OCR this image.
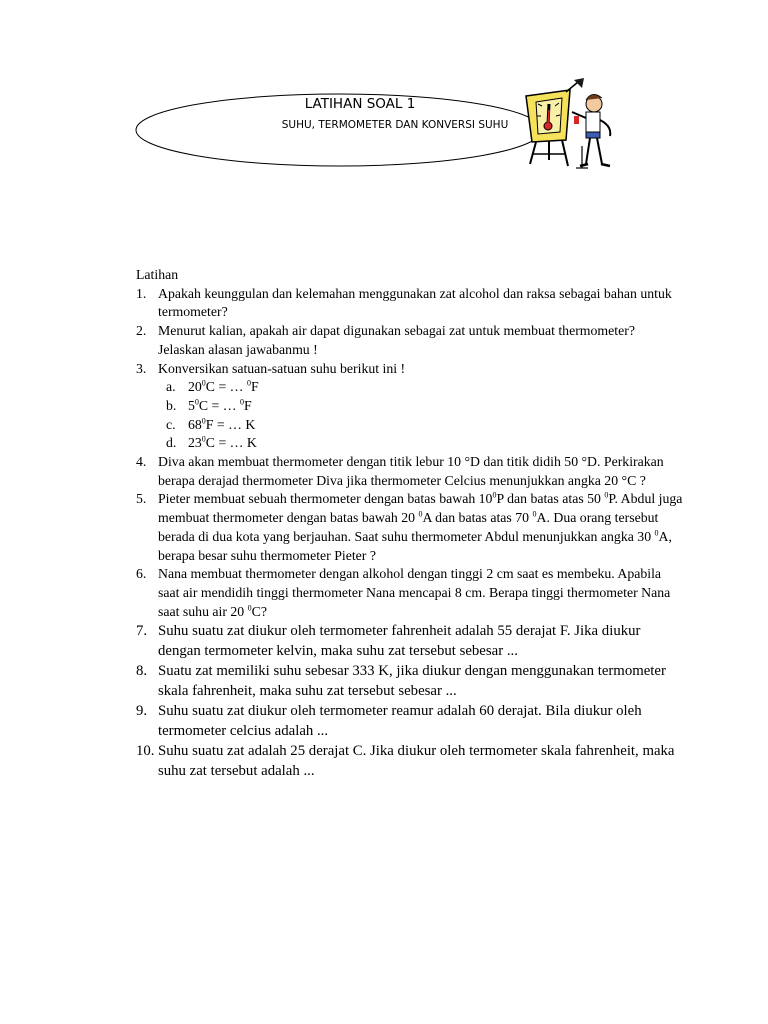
LATIHAN SOAL 1
SUHU, TERMOMETER DAN KONVERSI SUHU

Latihan

1. Apakah keunggulan dan kelemahan menggunakan zat alcohol dan raksa sebagai bahan untuk termometer?
2. Menurut kalian, apakah air dapat digunakan sebagai zat untuk membuat thermometer? Jelaskan alasan jawabanmu !
3. Konversikan satuan-satuan suhu berikut ini !
a. $20^0C$ = … $^0$F
b. $5^0C$ = … $^0$F
c. $68^0F$ = … K
d. $23^0C$ = … K
4. Diva akan membuat thermometer dengan titik lebur 10 °D dan titik didih 50 °D. Perkirakan berapa derajad thermometer Diva jika thermometer Celcius menunjukkan angka 20 °C ?
5. Pieter membuat sebuah thermometer dengan batas bawah $10^0P$ dan batas atas 50 $^0$P. Abdul juga membuat thermometer dengan batas bawah 20 $^0$A dan batas atas 70 $^0$A. Dua orang tersebut berada di dua kota yang berjauhan. Saat suhu thermometer Abdul menunjukkan angka 30 $^0$A, berapa besar suhu thermometer Pieter ?
6. Nana membuat thermometer dengan alkohol dengan tinggi 2 cm saat es membeku. Apabila saat air mendidih tinggi thermometer Nana mencapai 8 cm. Berapa tinggi thermometer Nana saat suhu air 20 $^0$C?
7. Suhu suatu zat diukur oleh termometer fahrenheit adalah 55 derajat F. Jika diukur dengan termometer kelvin, maka suhu zat tersebut sebesar ...
8. Suatu zat memiliki suhu sebesar 333 K, jika diukur dengan menggunakan termometer skala fahrenheit, maka suhu zat tersebut sebesar ...
9. Suhu suatu zat diukur oleh termometer reamur adalah 60 derajat. Bila diukur oleh termometer celcius adalah ...
10. Suhu suatu zat adalah 25 derajat C. Jika diukur oleh termometer skala fahrenheit, maka suhu zat tersebut adalah ...
